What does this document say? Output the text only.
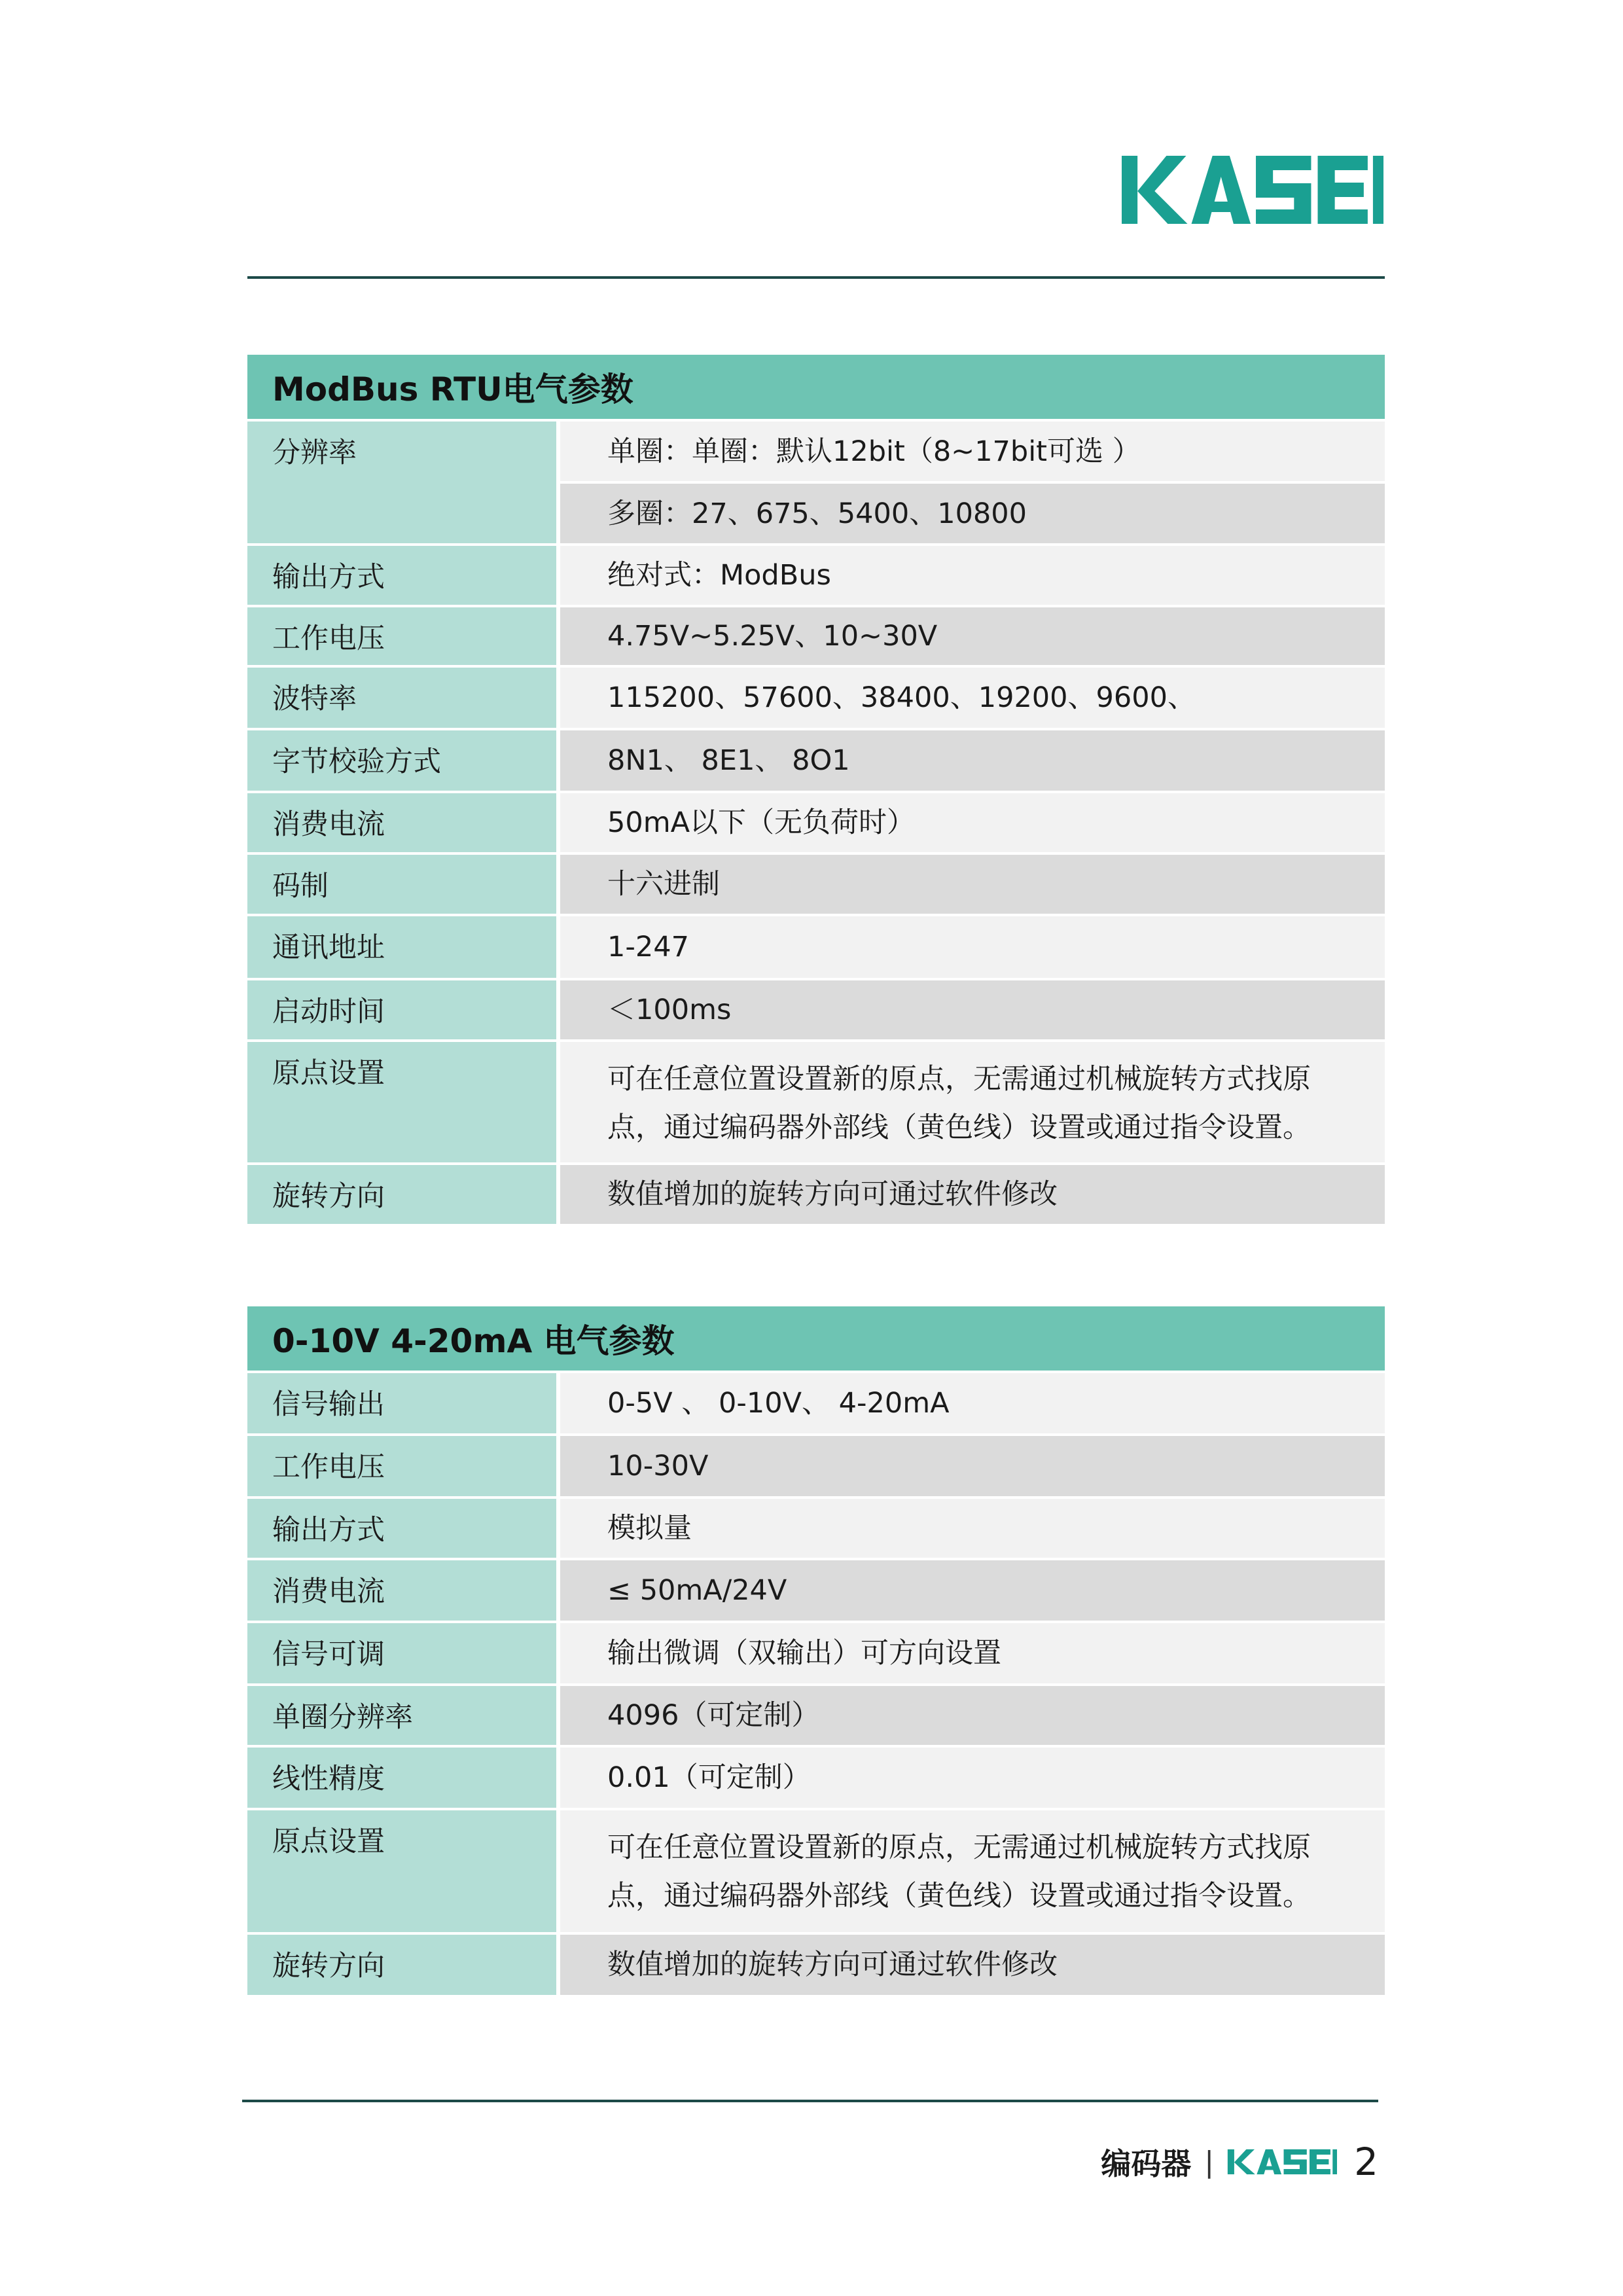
ModBus RTU电气参数
分辨率	单圈：单圈：默认12bit（8~17bit可选 ）
多圈：27、675、5400、10800
输出方式	绝对式：ModBus
工作电压	4.75V~5.25V、10~30V
波特率	115200、57600、38400、19200、9600、
字节校验方式	8N1、 8E1、 8O1
消费电流	50mA以下（无负荷时）
码制	十六进制
通讯地址	1-247
启动时间	＜100ms
原点设置	可在任意位置设置新的原点，无需通过机械旋转方式找原点，通过编码器外部线（黄色线）设置或通过指令设置。
旋转方向	数值增加的旋转方向可通过软件修改
0-10V 4-20mA 电气参数
信号输出	0-5V 、 0-10V、 4-20mA
工作电压	10-30V
输出方式	模拟量
消费电流	≤ 50mA/24V
信号可调	输出微调（双输出）可方向设置
单圈分辨率	4096（可定制）
线性精度	0.01（可定制）
原点设置	可在任意位置设置新的原点，无需通过机械旋转方式找原点，通过编码器外部线（黄色线）设置或通过指令设置。
旋转方向	数值增加的旋转方向可通过软件修改
编码器 |	2
